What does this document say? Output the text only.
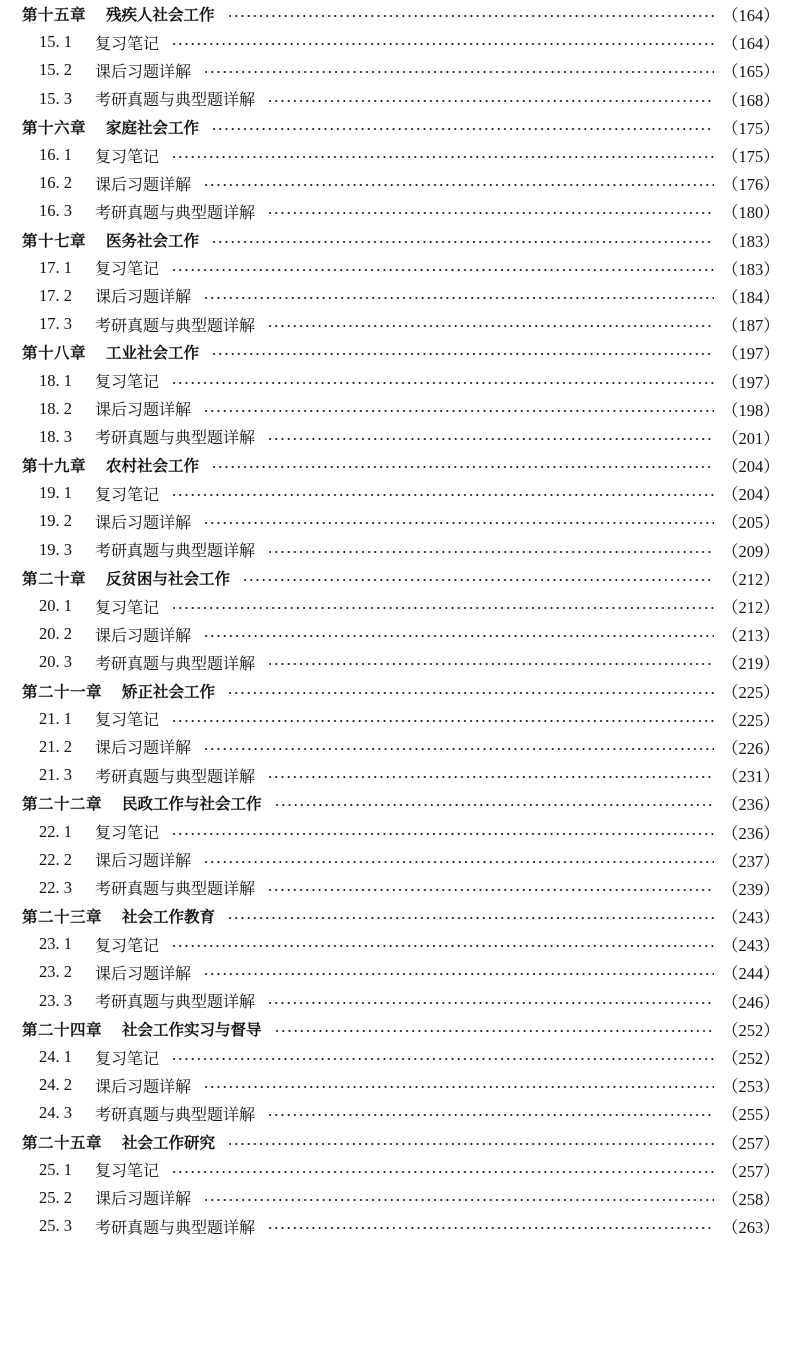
第十五章 残疾人社会工作	（164）
15. 1	复习笔记	（164）
15. 2	课后习题详解	（165）
15. 3	考研真题与典型题详解	（168）
第十六章 家庭社会工作	（175）
16. 1	复习笔记	（175）
16. 2	课后习题详解	（176）
16. 3	考研真题与典型题详解	（180）
第十七章 医务社会工作	（183）
17. 1	复习笔记	（183）
17. 2	课后习题详解	（184）
17. 3	考研真题与典型题详解	（187）
第十八章 工业社会工作	（197）
18. 1	复习笔记	（197）
18. 2	课后习题详解	（198）
18. 3	考研真题与典型题详解	（201）
第十九章 农村社会工作	（204）
19. 1	复习笔记	（204）
19. 2	课后习题详解	（205）
19. 3	考研真题与典型题详解	（209）
第二十章 反贫困与社会工作	（212）
20. 1	复习笔记	（212）
20. 2	课后习题详解	（213）
20. 3	考研真题与典型题详解	（219）
第二十一章 矫正社会工作	（225）
21. 1	复习笔记	（225）
21. 2	课后习题详解	（226）
21. 3	考研真题与典型题详解	（231）
第二十二章 民政工作与社会工作	（236）
22. 1	复习笔记	（236）
22. 2	课后习题详解	（237）
22. 3	考研真题与典型题详解	（239）
第二十三章 社会工作教育	（243）
23. 1	复习笔记	（243）
23. 2	课后习题详解	（244）
23. 3	考研真题与典型题详解	（246）
第二十四章 社会工作实习与督导	（252）
24. 1	复习笔记	（252）
24. 2	课后习题详解	（253）
24. 3	考研真题与典型题详解	（255）
第二十五章 社会工作研究	（257）
25. 1	复习笔记	（257）
25. 2	课后习题详解	（258）
25. 3	考研真题与典型题详解	（263）
